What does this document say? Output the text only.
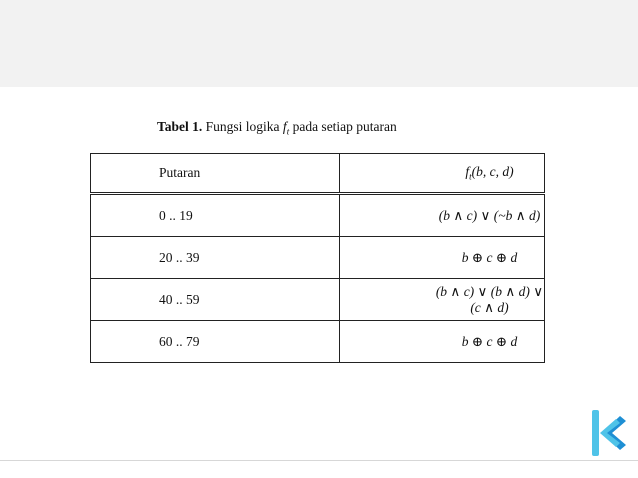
Tabel 1. Fungsi logika $f_t$ pada setiap putaran
Putaran	$f_t(b$, c, d)
0 .. 19	(b ∧ c) ∨ (~b ∧ d)
20 .. 39	b ⊕ c ⊕ d
40 .. 59	(b ∧ c) ∨ (b ∧ d) ∨ (c ∧ d)
60 .. 79	b ⊕ c ⊕ d
